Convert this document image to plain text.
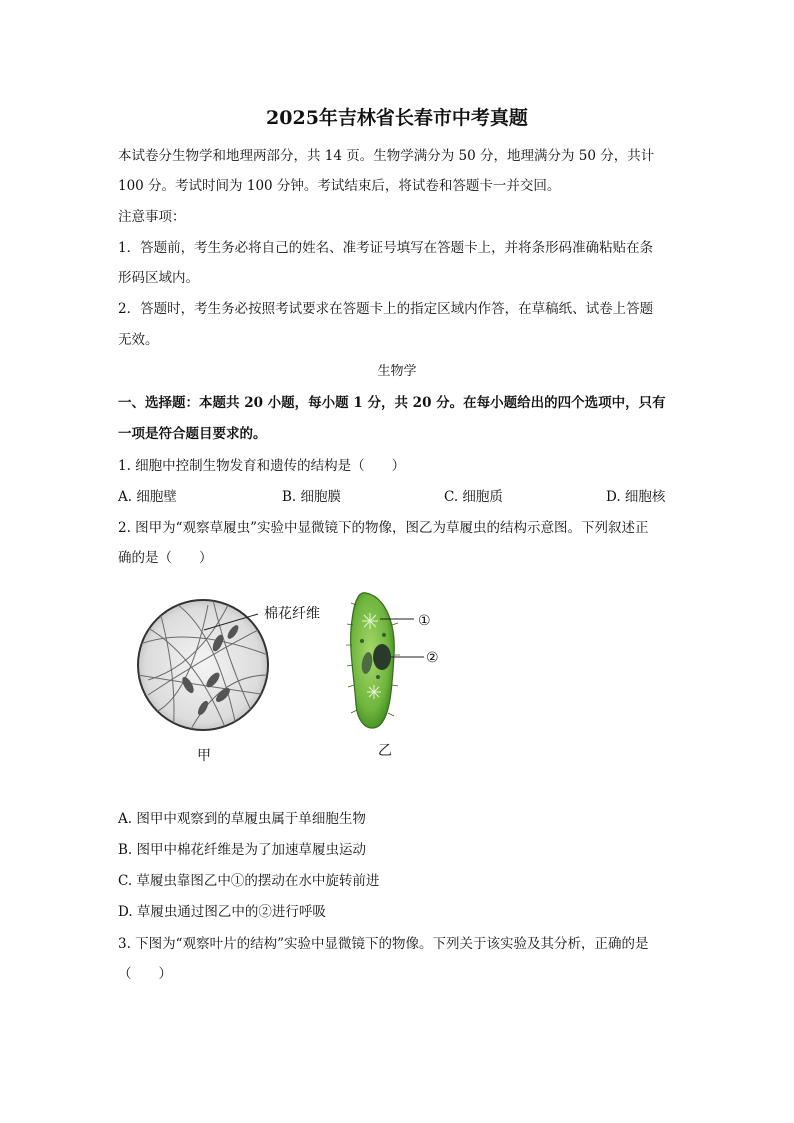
2025年吉林省长春市中考真题
本试卷分生物学和地理两部分，共 14 页。生物学满分为 50 分，地理满分为 50 分，共计
100 分。考试时间为 100 分钟。考试结束后，将试卷和答题卡一并交回。
注意事项：
1．答题前，考生务必将自己的姓名、准考证号填写在答题卡上，并将条形码准确粘贴在条
形码区域内。
2．答题时，考生务必按照考试要求在答题卡上的指定区域内作答，在草稿纸、试卷上答题
无效。
生物学
一、选择题：本题共 20 小题，每小题 1 分，共 20 分。在每小题给出的四个选项中，只有
一项是符合题目要求的。
1. 细胞中控制生物发育和遗传的结构是（　　）
A. 细胞壁	B. 细胞膜	C. 细胞质	D. 细胞核
2. 图甲为“观察草履虫”实验中显微镜下的物像，图乙为草履虫的结构示意图。下列叙述正
确的是（　　）
棉花纤维	①
②
甲	乙
A. 图甲中观察到的草履虫属于单细胞生物
B. 图甲中棉花纤维是为了加速草履虫运动
C. 草履虫靠图乙中①的摆动在水中旋转前进
D. 草履虫通过图乙中的②进行呼吸
3. 下图为“观察叶片的结构”实验中显微镜下的物像。下列关于该实验及其分析，正确的是
（　　）
